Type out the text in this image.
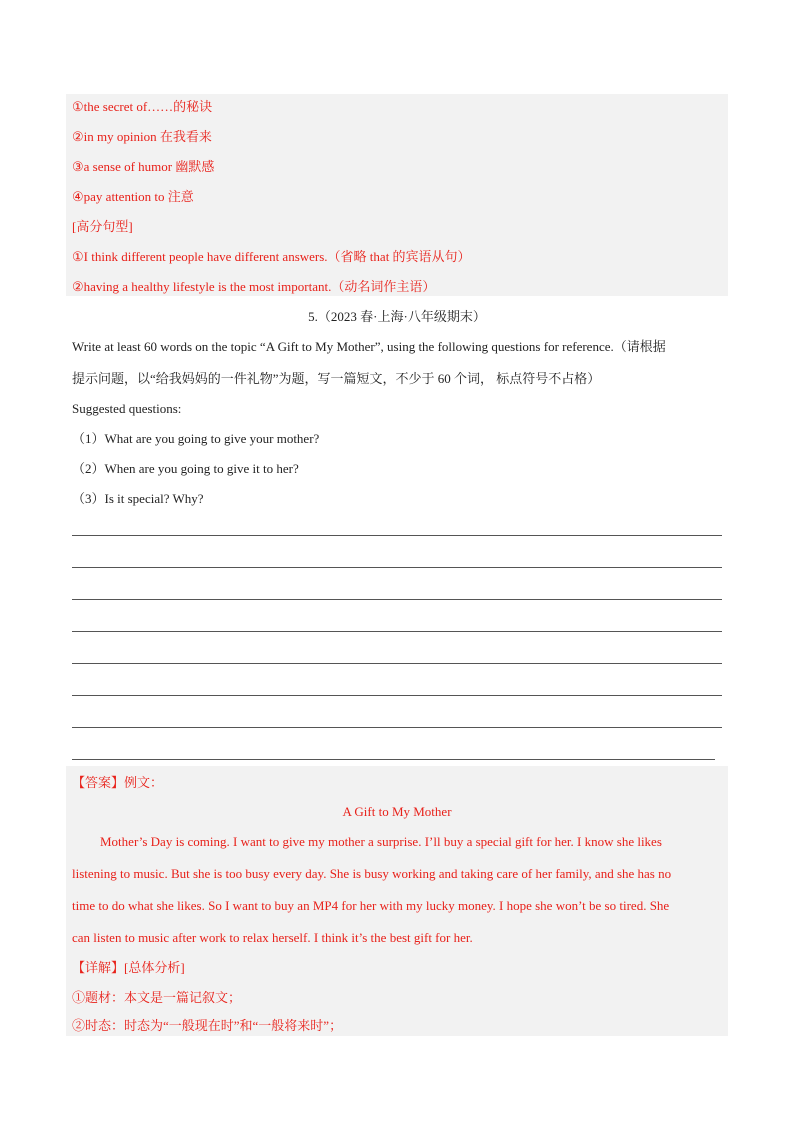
①the secret of……的秘诀
②in my opinion 在我看来
③a sense of humor 幽默感
④pay attention to 注意
[高分句型]
①I think different people have different answers.（省略 that 的宾语从句）
②having a healthy lifestyle is the most important.（动名词作主语）
5.（2023 春·上海·八年级期末）
Write at least 60 words on the topic “A Gift to My Mother”, using the following questions for reference.（请根据
提示问题，以“给我妈妈的一件礼物”为题，写一篇短文，不少于 60 个词， 标点符号不占格）
Suggested questions:
（1）What are you going to give your mother?
（2）When are you going to give it to her?
（3）Is it special? Why?
【答案】例文：
A Gift to My Mother
Mother’s Day is coming. I want to give my mother a surprise. I’ll buy a special gift for her. I know she likes
listening to music. But she is too busy every day. She is busy working and taking care of her family, and she has no
time to do what she likes. So I want to buy an MP4 for her with my lucky money. I hope she won’t be so tired. She
can listen to music after work to relax herself. I think it’s the best gift for her.
【详解】[总体分析]
①题材：本文是一篇记叙文；
②时态：时态为“一般现在时”和“一般将来时”；
